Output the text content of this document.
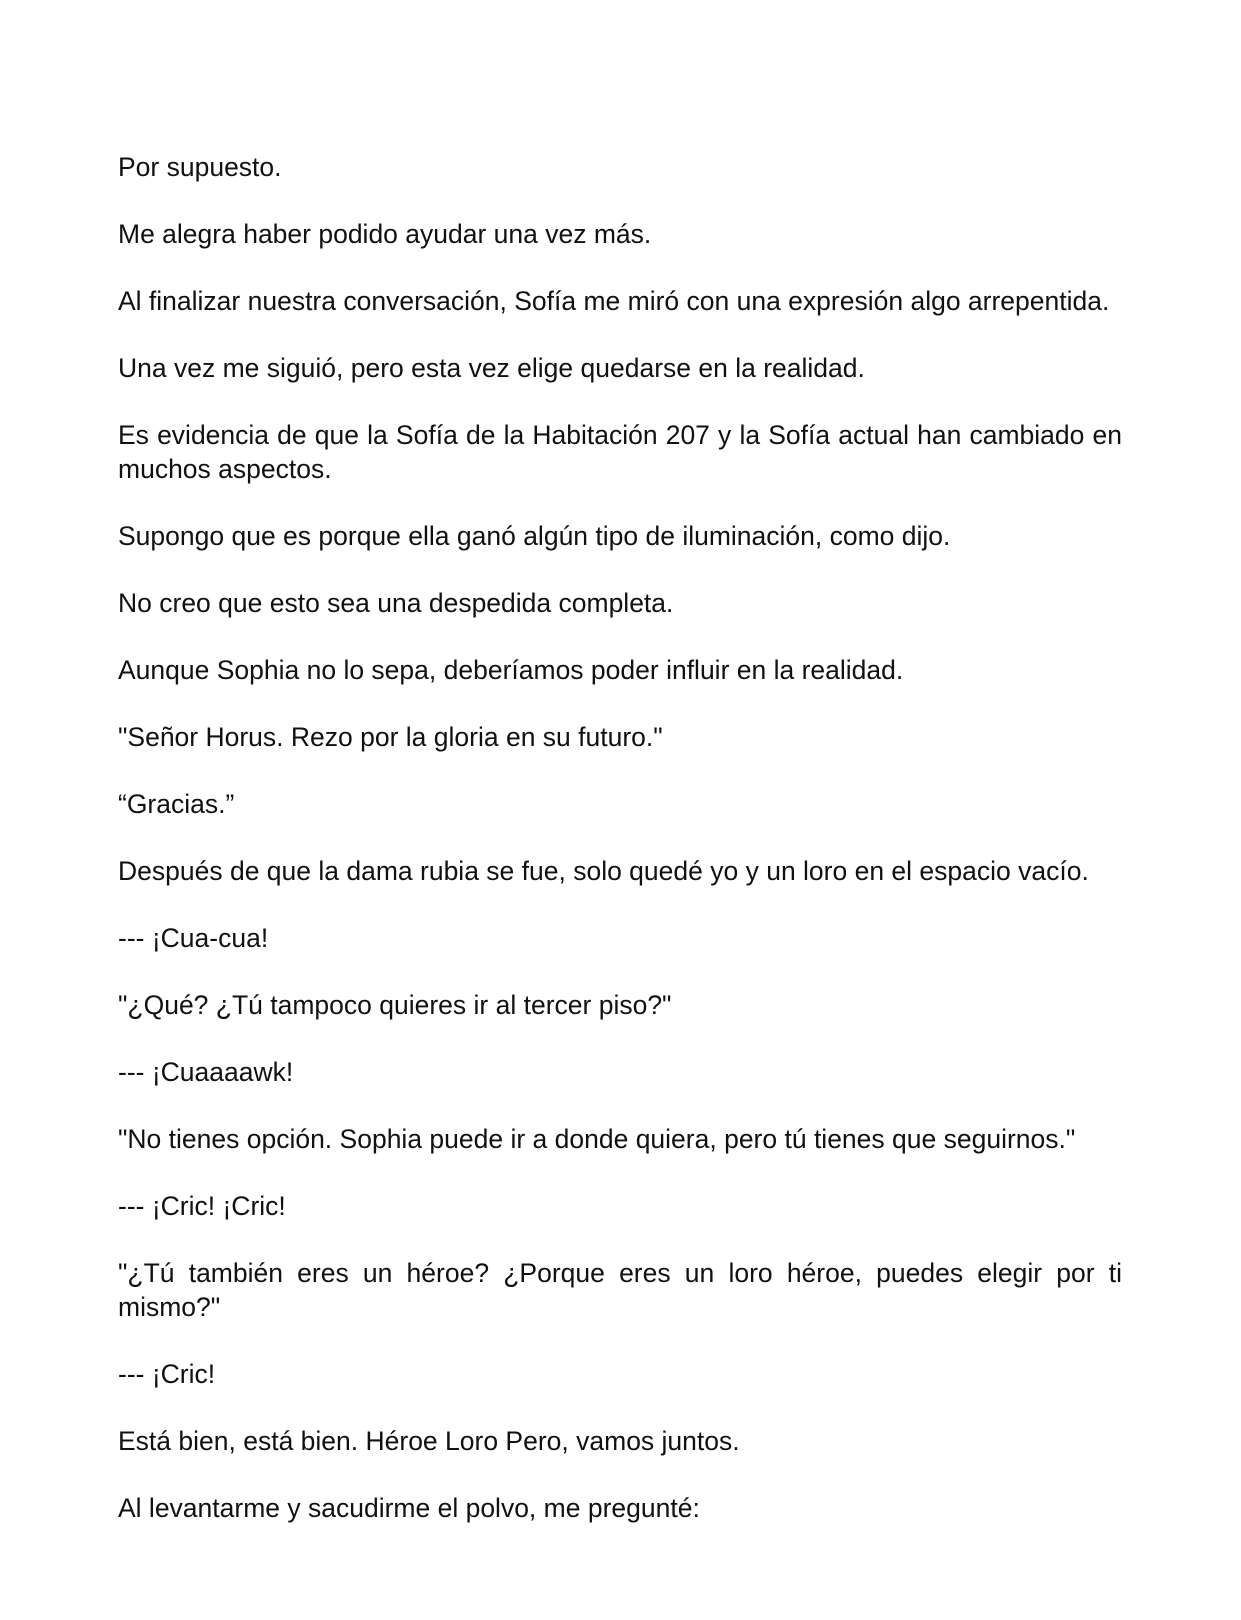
Por supuesto.

Me alegra haber podido ayudar una vez más.

Al finalizar nuestra conversación, Sofía me miró con una expresión algo arrepentida.

Una vez me siguió, pero esta vez elige quedarse en la realidad.

Es evidencia de que la Sofía de la Habitación 207 y la Sofía actual han cambiado en muchos aspectos.

Supongo que es porque ella ganó algún tipo de iluminación, como dijo.

No creo que esto sea una despedida completa.

Aunque Sophia no lo sepa, deberíamos poder influir en la realidad.

"Señor Horus. Rezo por la gloria en su futuro."

“Gracias.”

Después de que la dama rubia se fue, solo quedé yo y un loro en el espacio vacío.

--- ¡Cua-cua!

"¿Qué? ¿Tú tampoco quieres ir al tercer piso?"

--- ¡Cuaaaawk!

"No tienes opción. Sophia puede ir a donde quiera, pero tú tienes que seguirnos."

--- ¡Cric! ¡Cric!

"¿Tú también eres un héroe? ¿Porque eres un loro héroe, puedes elegir por ti mismo?"

--- ¡Cric!

Está bien, está bien. Héroe Loro Pero, vamos juntos.

Al levantarme y sacudirme el polvo, me pregunté:
